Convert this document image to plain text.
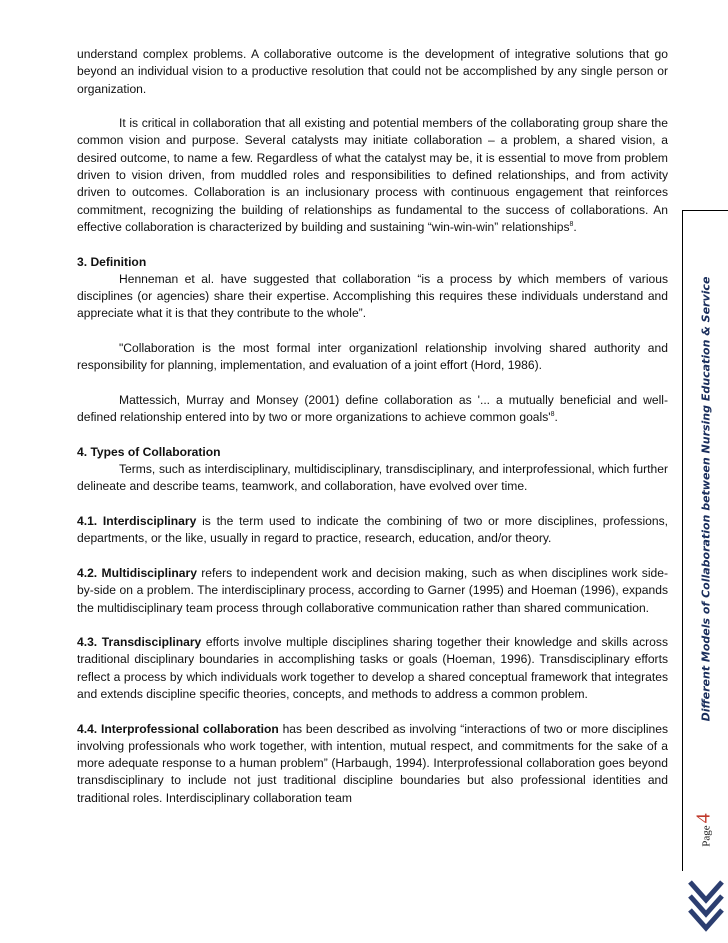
understand complex problems. A collaborative outcome is the development of integrative solutions that go beyond an individual vision to a productive resolution that could not be accomplished by any single person or organization.

It is critical in collaboration that all existing and potential members of the collaborating group share the common vision and purpose. Several catalysts may initiate collaboration – a problem, a shared vision, a desired outcome, to name a few. Regardless of what the catalyst may be, it is essential to move from problem driven to vision driven, from muddled roles and responsibilities to defined relationships, and from activity driven to outcomes. Collaboration is an inclusionary process with continuous engagement that reinforces commitment, recognizing the building of relationships as fundamental to the success of collaborations. An effective collaboration is characterized by building and sustaining “win-win-win” relationships$^8$.

3. Definition

Henneman et al. have suggested that collaboration “is a process by which members of various disciplines (or agencies) share their expertise. Accomplishing this requires these individuals understand and appreciate what it is that they contribute to the whole”.

"Collaboration is the most formal inter organizationl relationship involving shared authority and responsibility for planning, implementation, and evaluation of a joint effort (Hord, 1986).

Mattessich, Murray and Monsey (2001) define collaboration as '... a mutually beneficial and well-defined relationship entered into by two or more organizations to achieve common $goals'^8$.

4. Types of Collaboration

Terms, such as interdisciplinary, multidisciplinary, transdisciplinary, and interprofessional, which further delineate and describe teams, teamwork, and collaboration, have evolved over time.

4.1. Interdisciplinary is the term used to indicate the combining of two or more disciplines, professions, departments, or the like, usually in regard to practice, research, education, and/or theory.

4.2. Multidisciplinary refers to independent work and decision making, such as when disciplines work side-by-side on a problem. The interdisciplinary process, according to Garner (1995) and Hoeman (1996), expands the multidisciplinary team process through collaborative communication rather than shared communication.

4.3. Transdisciplinary efforts involve multiple disciplines sharing together their knowledge and skills across traditional disciplinary boundaries in accomplishing tasks or goals (Hoeman, 1996). Transdisciplinary efforts reflect a process by which individuals work together to develop a shared conceptual framework that integrates and extends discipline specific theories, concepts, and methods to address a common problem.

4.4. Interprofessional collaboration has been described as involving “interactions of two or more disciplines involving professionals who work together, with intention, mutual respect, and commitments for the sake of a more adequate response to a human problem” (Harbaugh, 1994). Interprofessional collaboration goes beyond transdisciplinary to include not just traditional discipline boundaries but also professional identities and traditional roles. Interdisciplinary collaboration team

Different Models of Collaboration between Nursing Education & Service
Page4
